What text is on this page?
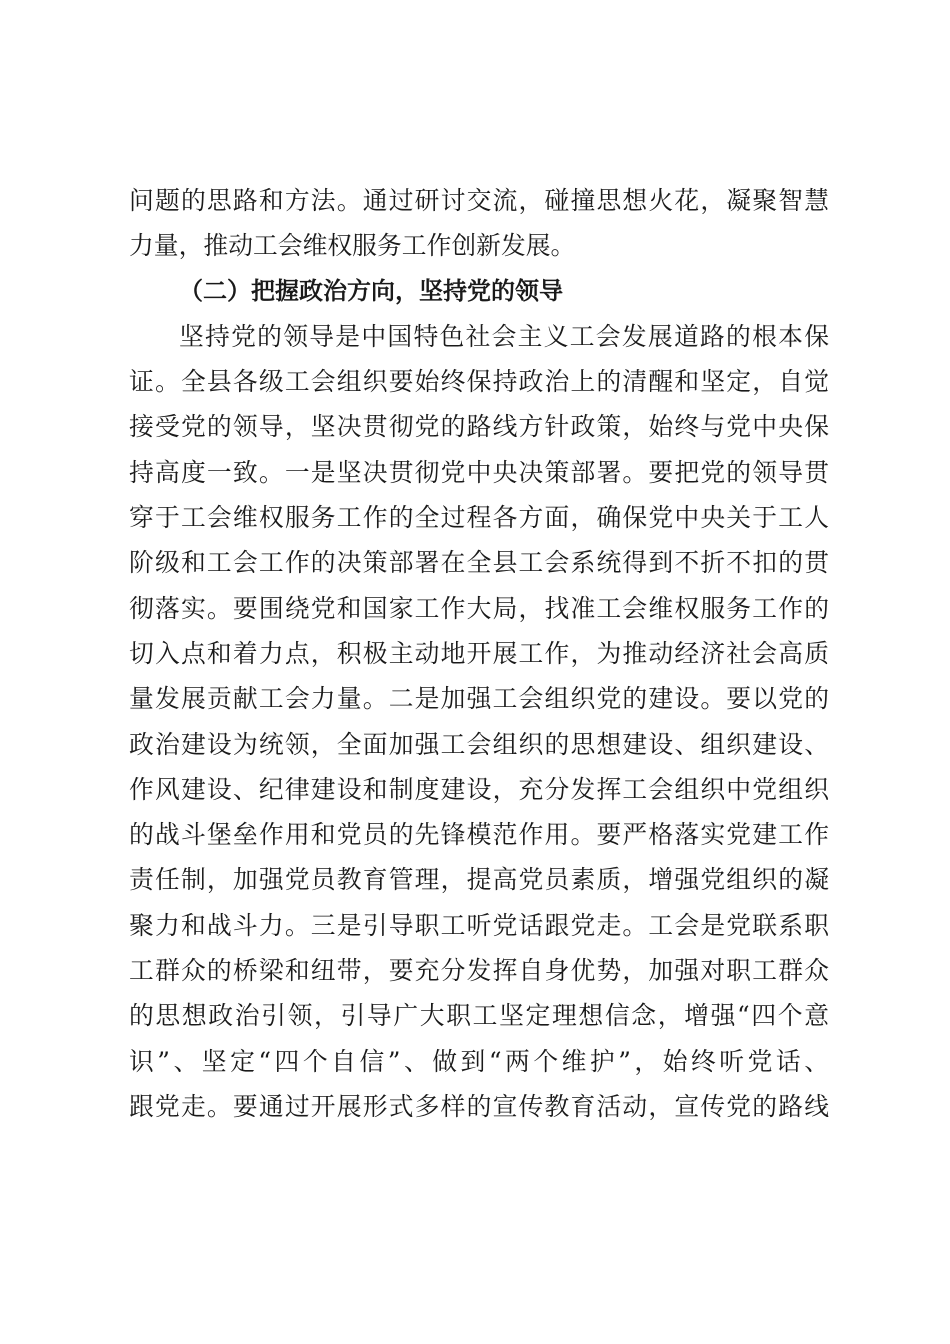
问题的思路和方法。通过研讨交流，碰撞思想火花，凝聚智慧
力量，推动工会维权服务工作创新发展。
（二）把握政治方向，坚持党的领导
坚持党的领导是中国特色社会主义工会发展道路的根本保
证。全县各级工会组织要始终保持政治上的清醒和坚定，自觉
接受党的领导，坚决贯彻党的路线方针政策，始终与党中央保
持高度一致。一是坚决贯彻党中央决策部署。要把党的领导贯
穿于工会维权服务工作的全过程各方面，确保党中央关于工人
阶级和工会工作的决策部署在全县工会系统得到不折不扣的贯
彻落实。要围绕党和国家工作大局，找准工会维权服务工作的
切入点和着力点，积极主动地开展工作，为推动经济社会高质
量发展贡献工会力量。二是加强工会组织党的建设。要以党的
政治建设为统领，全面加强工会组织的思想建设、组织建设、
作风建设、纪律建设和制度建设，充分发挥工会组织中党组织
的战斗堡垒作用和党员的先锋模范作用。要严格落实党建工作
责任制，加强党员教育管理，提高党员素质，增强党组织的凝
聚力和战斗力。三是引导职工听党话跟党走。工会是党联系职
工群众的桥梁和纽带，要充分发挥自身优势，加强对职工群众
的思想政治引领，引导广大职工坚定理想信念，增强“四个意
识”、坚定“四个自信”、做到“两个维护”，始终听党话、
跟党走。要通过开展形式多样的宣传教育活动，宣传党的路线
